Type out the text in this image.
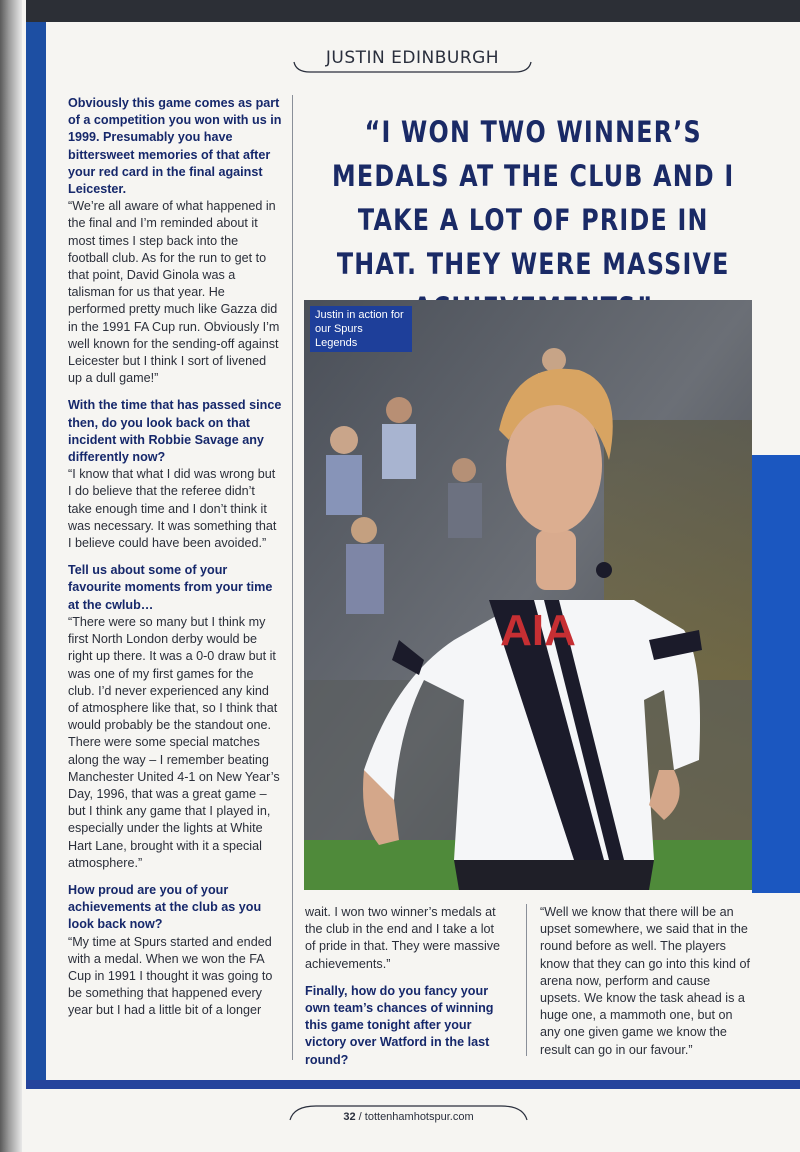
JUSTIN EDINBURGH

Obviously this game comes as part of a competition you won with us in 1999. Presumably you have bittersweet memories of that after your red card in the final against Leicester.

“We’re all aware of what happened in the final and I’m reminded about it most times I step back into the football club. As for the run to get to that point, David Ginola was a talisman for us that year. He performed pretty much like Gazza did in the 1991 FA Cup run. Obviously I’m well known for the sending-off against Leicester but I think I sort of livened up a dull game!”

With the time that has passed since then, do you look back on that incident with Robbie Savage any differently now?

“I know that what I did was wrong but I do believe that the referee didn’t take enough time and I don’t think it was necessary. It was something that I believe could have been avoided.”

Tell us about some of your favourite moments from your time at the cwlub…

“There were so many but I think my first North London derby would be right up there. It was a 0-0 draw but it was one of my first games for the club. I’d never experienced any kind of atmosphere like that, so I think that would probably be the standout one. There were some special matches along the way – I remember beating Manchester United 4-1 on New Year’s Day, 1996, that was a great game – but I think any game that I played in, especially under the lights at White Hart Lane, brought with it a special atmosphere.”

How proud are you of your achievements at the club as you look back now?

“My time at Spurs started and ended with a medal. When we won the FA Cup in 1991 I thought it was going to be something that happened every year but I had a little bit of a longer

“I WON TWO WINNER’S MEDALS AT THE CLUB AND I TAKE A LOT OF PRIDE IN THAT. THEY WERE MASSIVE
AIA
Justin in action for our Spurs Legends

wait. I won two winner’s medals at the club in the end and I take a lot of pride in that. They were massive achievements.”

Finally, how do you fancy your own team’s chances of winning this game tonight after your victory over Watford in the last round?

“Well we know that there will be an upset somewhere, we said that in the round before as well. The players know that they can go into this kind of arena now, perform and cause upsets. We know the task ahead is a huge one, a mammoth one, but on any one given game we know the result can go in our favour.”

32 / tottenhamhotspur.com
